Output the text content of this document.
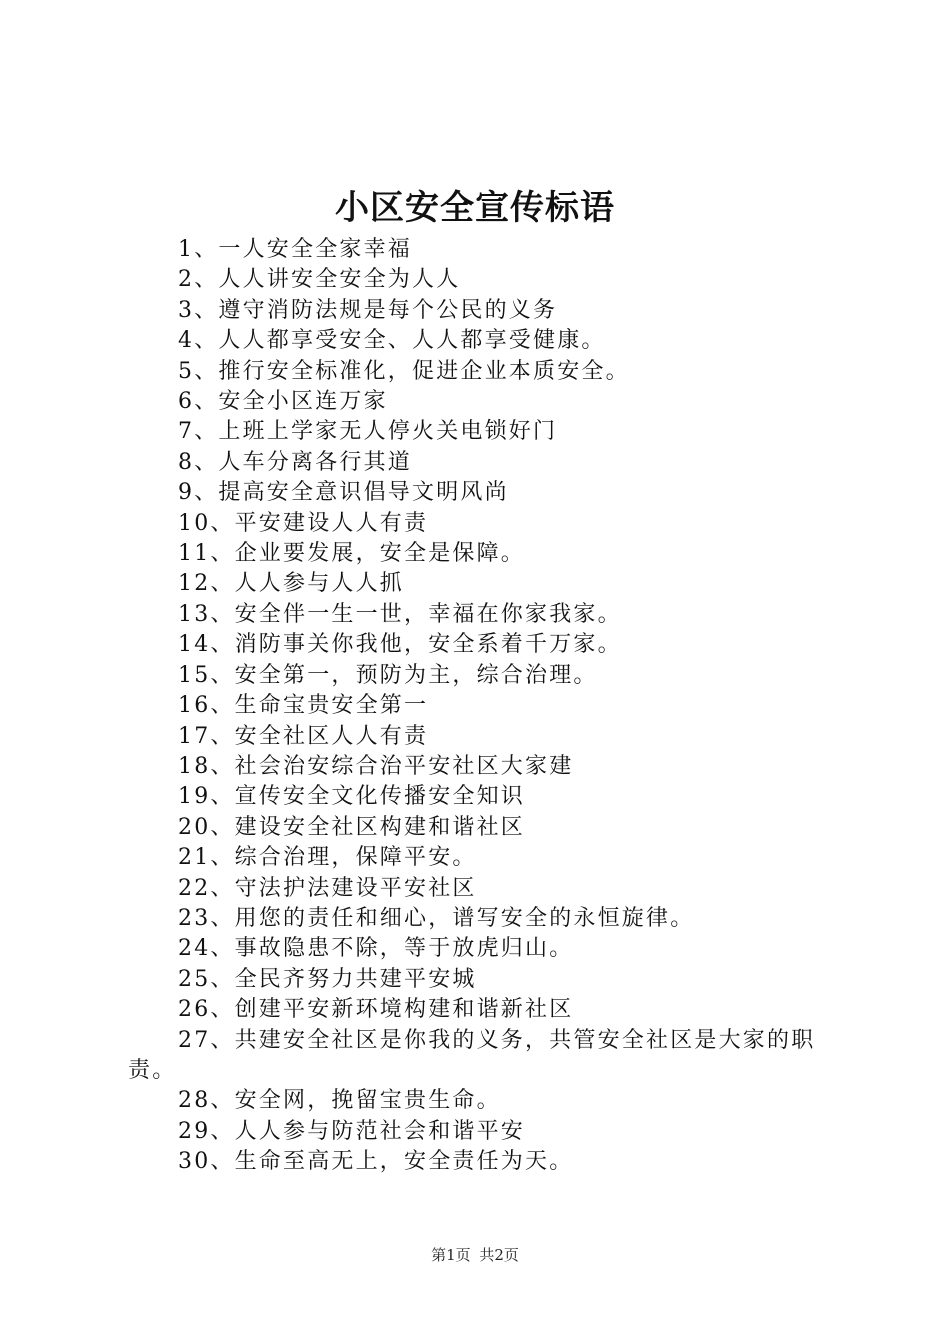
小区安全宣传标语
1、一人安全全家幸福
2、人人讲安全安全为人人
3、遵守消防法规是每个公民的义务
4、人人都享受安全、人人都享受健康。
5、推行安全标准化，促进企业本质安全。
6、安全小区连万家
7、上班上学家无人停火关电锁好门
8、人车分离各行其道
9、提高安全意识倡导文明风尚
10、平安建设人人有责
11、企业要发展，安全是保障。
12、人人参与人人抓
13、安全伴一生一世，幸福在你家我家。
14、消防事关你我他，安全系着千万家。
15、安全第一，预防为主，综合治理。
16、生命宝贵安全第一
17、安全社区人人有责
18、社会治安综合治平安社区大家建
19、宣传安全文化传播安全知识
20、建设安全社区构建和谐社区
21、综合治理，保障平安。
22、守法护法建设平安社区
23、用您的责任和细心，谱写安全的永恒旋律。
24、事故隐患不除，等于放虎归山。
25、全民齐努力共建平安城
26、创建平安新环境构建和谐新社区
27、共建安全社区是你我的义务，共管安全社区是大家的职责。
28、安全网，挽留宝贵生命。
29、人人参与防范社会和谐平安
30、生命至高无上，安全责任为天。
第1页 共2页
